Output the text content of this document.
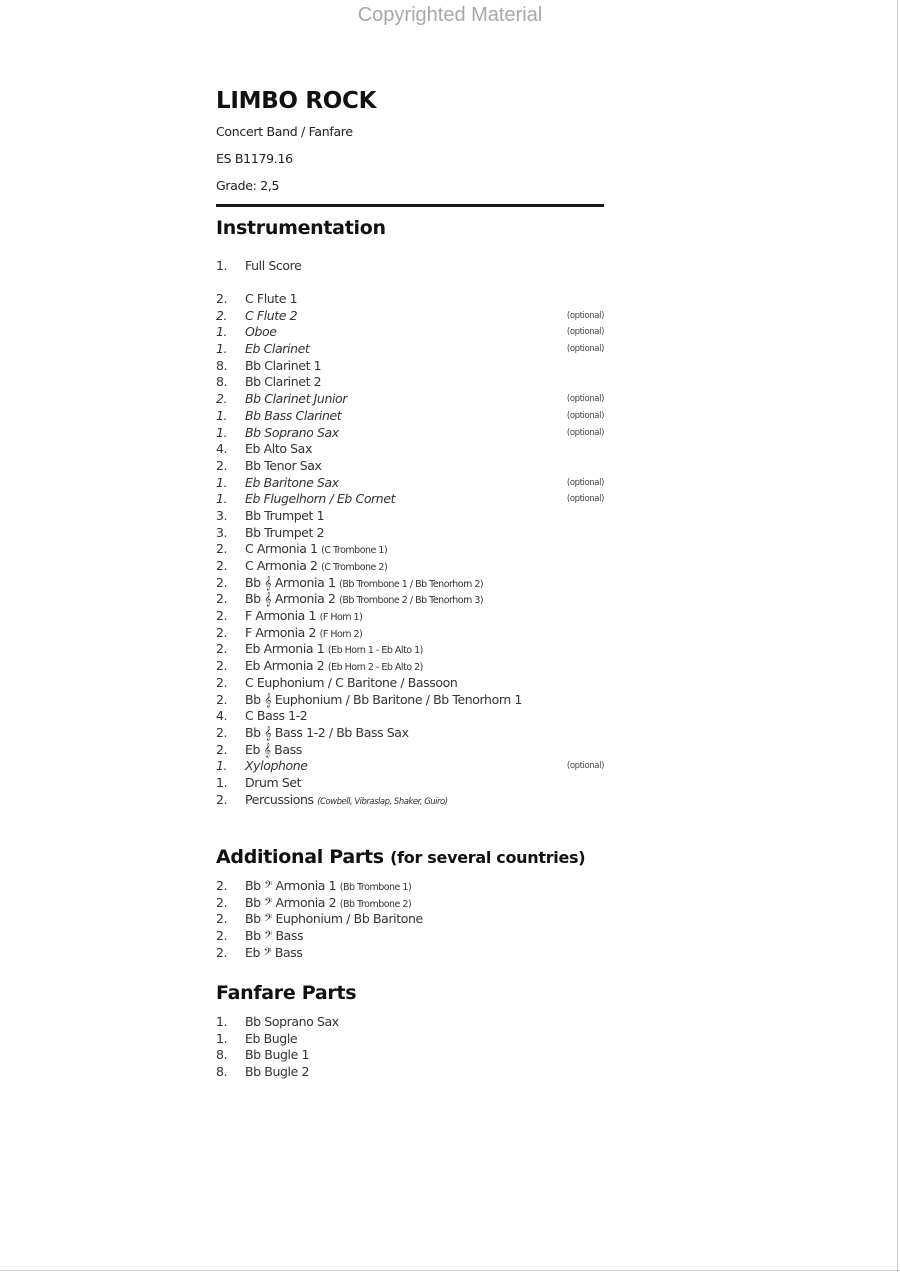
Copyrighted Material
LIMBO ROCK
Concert Band / Fanfare
ES B1179.16
Grade: 2,5
Instrumentation
1.	Full Score
2.	C Flute 1
2.	C Flute 2	(optional)
1.	Oboe	(optional)
1.	Eb Clarinet	(optional)
8.	Bb Clarinet 1
8.	Bb Clarinet 2
2.	Bb Clarinet Junior	(optional)
1.	Bb Bass Clarinet	(optional)
1.	Bb Soprano Sax	(optional)
4.	Eb Alto Sax
2.	Bb Tenor Sax
1.	Eb Baritone Sax	(optional)
1.	Eb Flugelhorn / Eb Cornet	(optional)
3.	Bb Trumpet 1
3.	Bb Trumpet 2
2.	C Armonia 1 (C Trombone 1)
2.	C Armonia 2 (C Trombone 2)
2.	Bb 𝄞 Armonia 1 (Bb Trombone 1 / Bb Tenorhorn 2)
2.	Bb 𝄞 Armonia 2 (Bb Trombone 2 / Bb Tenorhorn 3)
2.	F Armonia 1 (F Horn 1)
2.	F Armonia 2 (F Horn 2)
2.	Eb Armonia 1 (Eb Horn 1 - Eb Alto 1)
2.	Eb Armonia 2 (Eb Horn 2 - Eb Alto 2)
2.	C Euphonium / C Baritone / Bassoon
2.	Bb 𝄞 Euphonium / Bb Baritone / Bb Tenorhorn 1
4.	C Bass 1-2
2.	Bb 𝄞 Bass 1-2 / Bb Bass Sax
2.	Eb 𝄞 Bass
1.	Xylophone	(optional)
1.	Drum Set
2.	Percussions (Cowbell, Vibraslap, Shaker, Guiro)
Additional Parts (for several countries)
2.	Bb 𝄢 Armonia 1 (Bb Trombone 1)
2.	Bb 𝄢 Armonia 2 (Bb Trombone 2)
2.	Bb 𝄢 Euphonium / Bb Baritone
2.	Bb 𝄢 Bass
2.	Eb 𝄢 Bass
Fanfare Parts
1.	Bb Soprano Sax
1.	Eb Bugle
8.	Bb Bugle 1
8.	Bb Bugle 2
